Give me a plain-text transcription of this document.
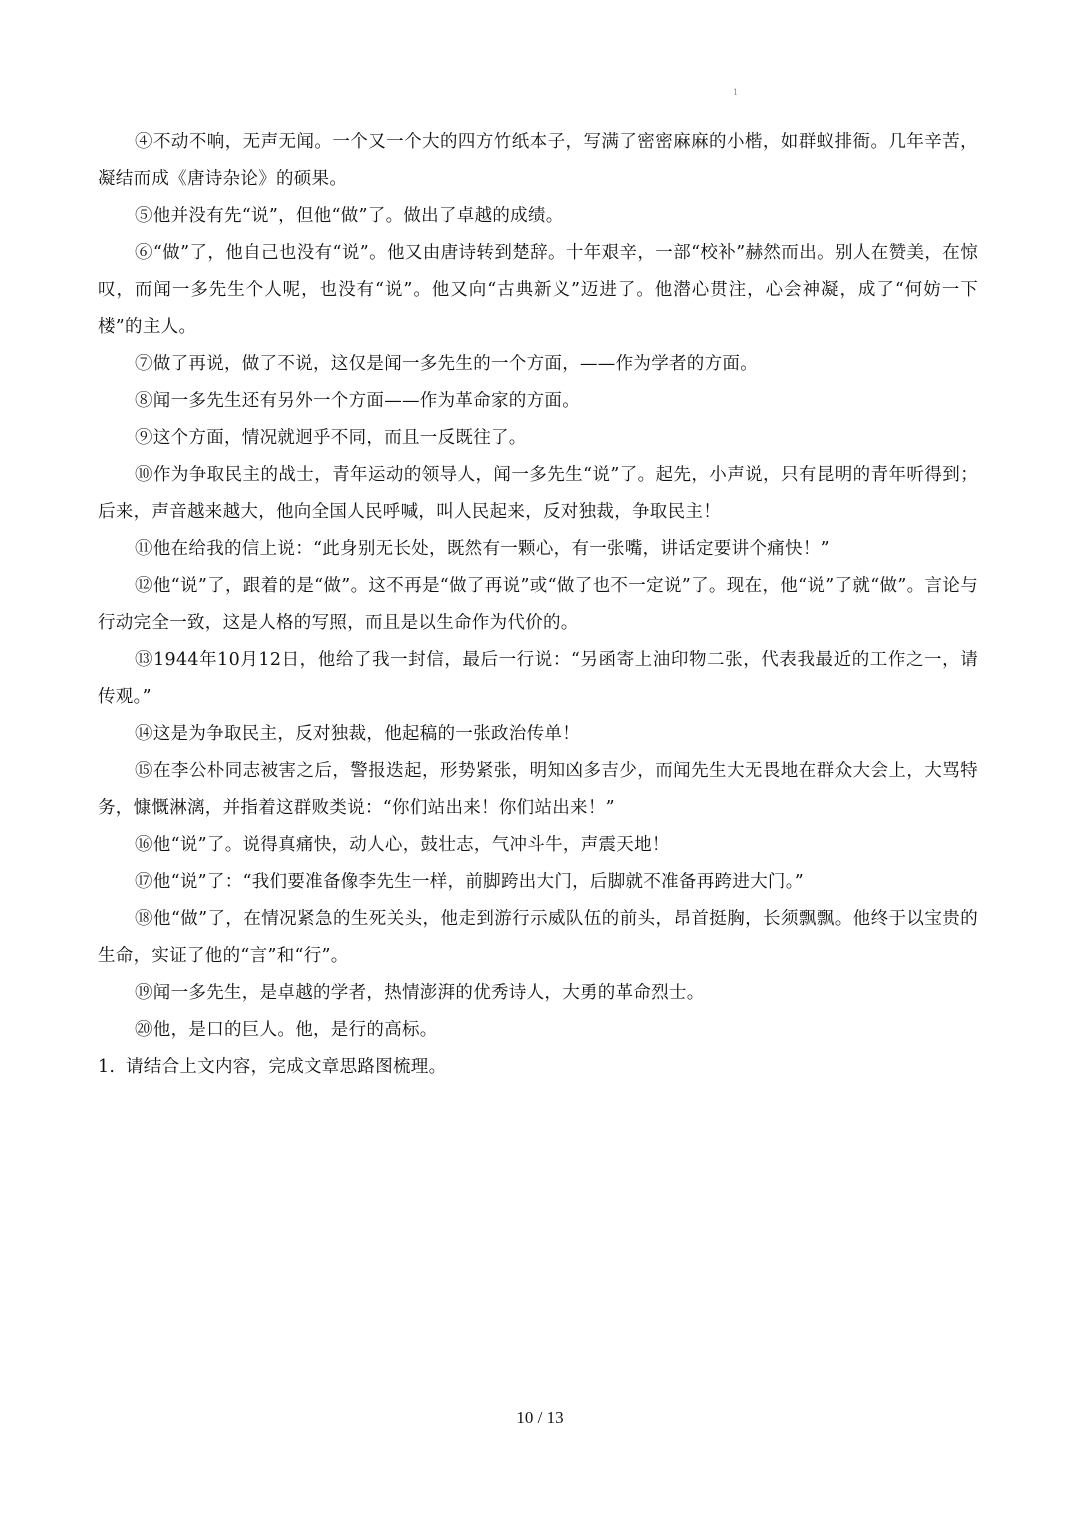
1

④不动不响，无声无闻。一个又一个大的四方竹纸本子，写满了密密麻麻的小楷，如群蚁排衙。几年辛苦，凝结而成《唐诗杂论》的硕果。

⑤他并没有先“说”，但他“做”了。做出了卓越的成绩。

⑥“做”了，他自己也没有“说”。他又由唐诗转到楚辞。十年艰辛，一部“校补”赫然而出。别人在赞美，在惊叹，而闻一多先生个人呢，也没有“说”。他又向“古典新义”迈进了。他潜心贯注，心会神凝，成了“何妨一下楼”的主人。

⑦做了再说，做了不说，这仅是闻一多先生的一个方面，——作为学者的方面。

⑧闻一多先生还有另外一个方面——作为革命家的方面。

⑨这个方面，情况就迥乎不同，而且一反既往了。

⑩作为争取民主的战士，青年运动的领导人，闻一多先生“说”了。起先，小声说，只有昆明的青年听得到；后来，声音越来越大，他向全国人民呼喊，叫人民起来，反对独裁，争取民主！

⑪他在给我的信上说：“此身别无长处，既然有一颗心，有一张嘴，讲话定要讲个痛快！”

⑫他“说”了，跟着的是“做”。这不再是“做了再说”或“做了也不一定说”了。现在，他“说”了就“做”。言论与行动完全一致，这是人格的写照，而且是以生命作为代价的。

⑬1944年10月12日，他给了我一封信，最后一行说：“另函寄上油印物二张，代表我最近的工作之一，请传观。”

⑭这是为争取民主，反对独裁，他起稿的一张政治传单！

⑮在李公朴同志被害之后，警报迭起，形势紧张，明知凶多吉少，而闻先生大无畏地在群众大会上，大骂特务，慷慨淋漓，并指着这群败类说：“你们站出来！你们站出来！”

⑯他“说”了。说得真痛快，动人心，鼓壮志，气冲斗牛，声震天地！

⑰他“说”了：“我们要准备像李先生一样，前脚跨出大门，后脚就不准备再跨进大门。”

⑱他“做”了，在情况紧急的生死关头，他走到游行示威队伍的前头，昂首挺胸，长须飘飘。他终于以宝贵的生命，实证了他的“言”和“行”。

⑲闻一多先生，是卓越的学者，热情澎湃的优秀诗人，大勇的革命烈士。

⑳他，是口的巨人。他，是行的高标。

1. 请结合上文内容，完成文章思路图梳理。

10 / 13
